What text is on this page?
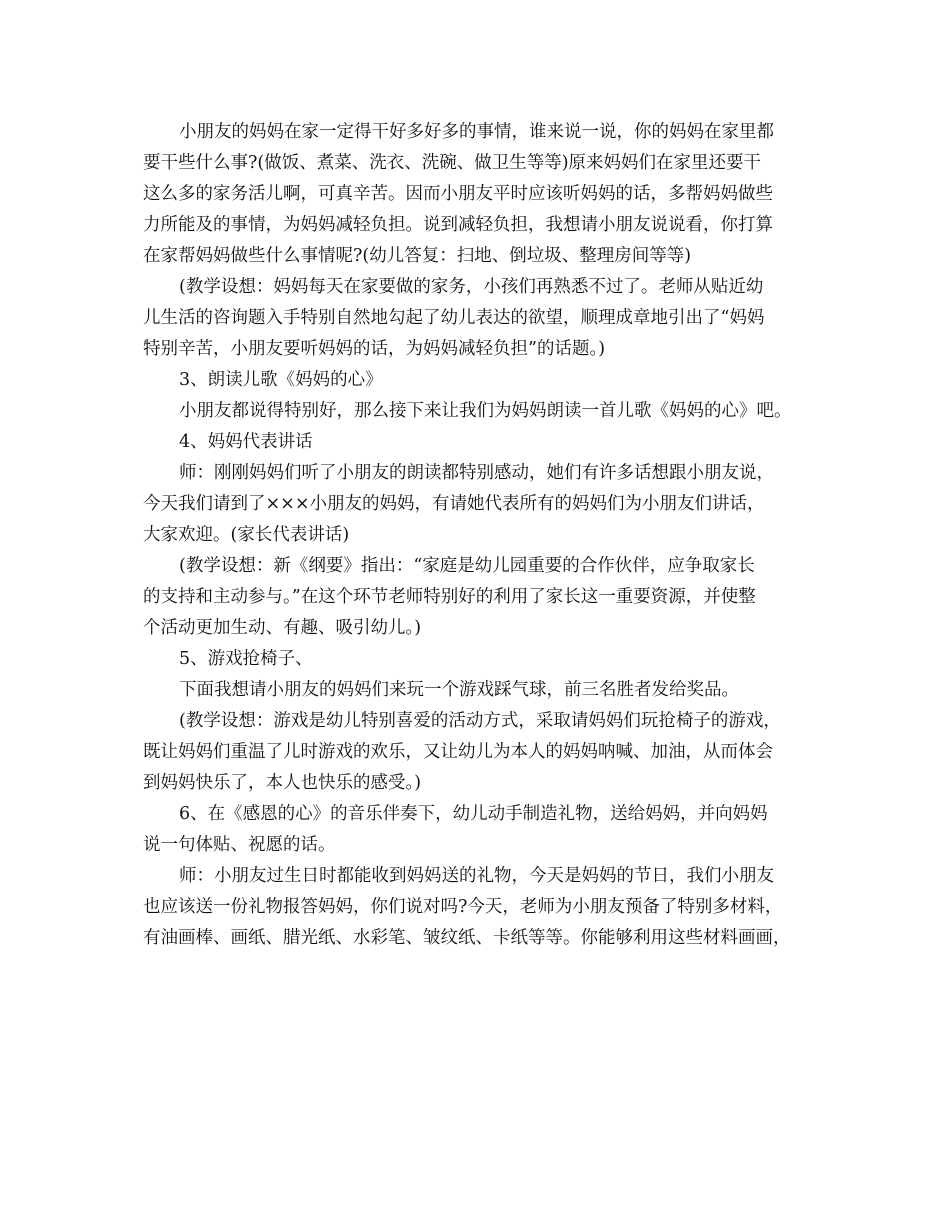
小朋友的妈妈在家一定得干好多好多的事情，谁来说一说，你的妈妈在家里都
要干些什么事?(做饭、煮菜、洗衣、洗碗、做卫生等等)原来妈妈们在家里还要干
这么多的家务活儿啊，可真辛苦。因而小朋友平时应该听妈妈的话，多帮妈妈做些
力所能及的事情，为妈妈减轻负担。说到减轻负担，我想请小朋友说说看，你打算
在家帮妈妈做些什么事情呢?(幼儿答复：扫地、倒垃圾、整理房间等等)
(教学设想：妈妈每天在家要做的家务，小孩们再熟悉不过了。老师从贴近幼
儿生活的咨询题入手特别自然地勾起了幼儿表达的欲望，顺理成章地引出了“妈妈
特别辛苦，小朋友要听妈妈的话，为妈妈减轻负担”的话题。)
3、朗读儿歌《妈妈的心》
小朋友都说得特别好，那么接下来让我们为妈妈朗读一首儿歌《妈妈的心》吧。
4、妈妈代表讲话
师：刚刚妈妈们听了小朋友的朗读都特别感动，她们有许多话想跟小朋友说，
今天我们请到了×××小朋友的妈妈，有请她代表所有的妈妈们为小朋友们讲话，
大家欢迎。(家长代表讲话)
(教学设想：新《纲要》指出：“家庭是幼儿园重要的合作伙伴，应争取家长
的支持和主动参与。”在这个环节老师特别好的利用了家长这一重要资源，并使整
个活动更加生动、有趣、吸引幼儿。)
5、游戏抢椅子、
下面我想请小朋友的妈妈们来玩一个游戏踩气球，前三名胜者发给奖品。
(教学设想：游戏是幼儿特别喜爱的活动方式，采取请妈妈们玩抢椅子的游戏，
既让妈妈们重温了儿时游戏的欢乐，又让幼儿为本人的妈妈呐喊、加油，从而体会
到妈妈快乐了，本人也快乐的感受。)
6、在《感恩的心》的音乐伴奏下，幼儿动手制造礼物，送给妈妈，并向妈妈
说一句体贴、祝愿的话。
师：小朋友过生日时都能收到妈妈送的礼物，今天是妈妈的节日，我们小朋友
也应该送一份礼物报答妈妈，你们说对吗?今天，老师为小朋友预备了特别多材料，
有油画棒、画纸、腊光纸、水彩笔、皱纹纸、卡纸等等。你能够利用这些材料画画，
